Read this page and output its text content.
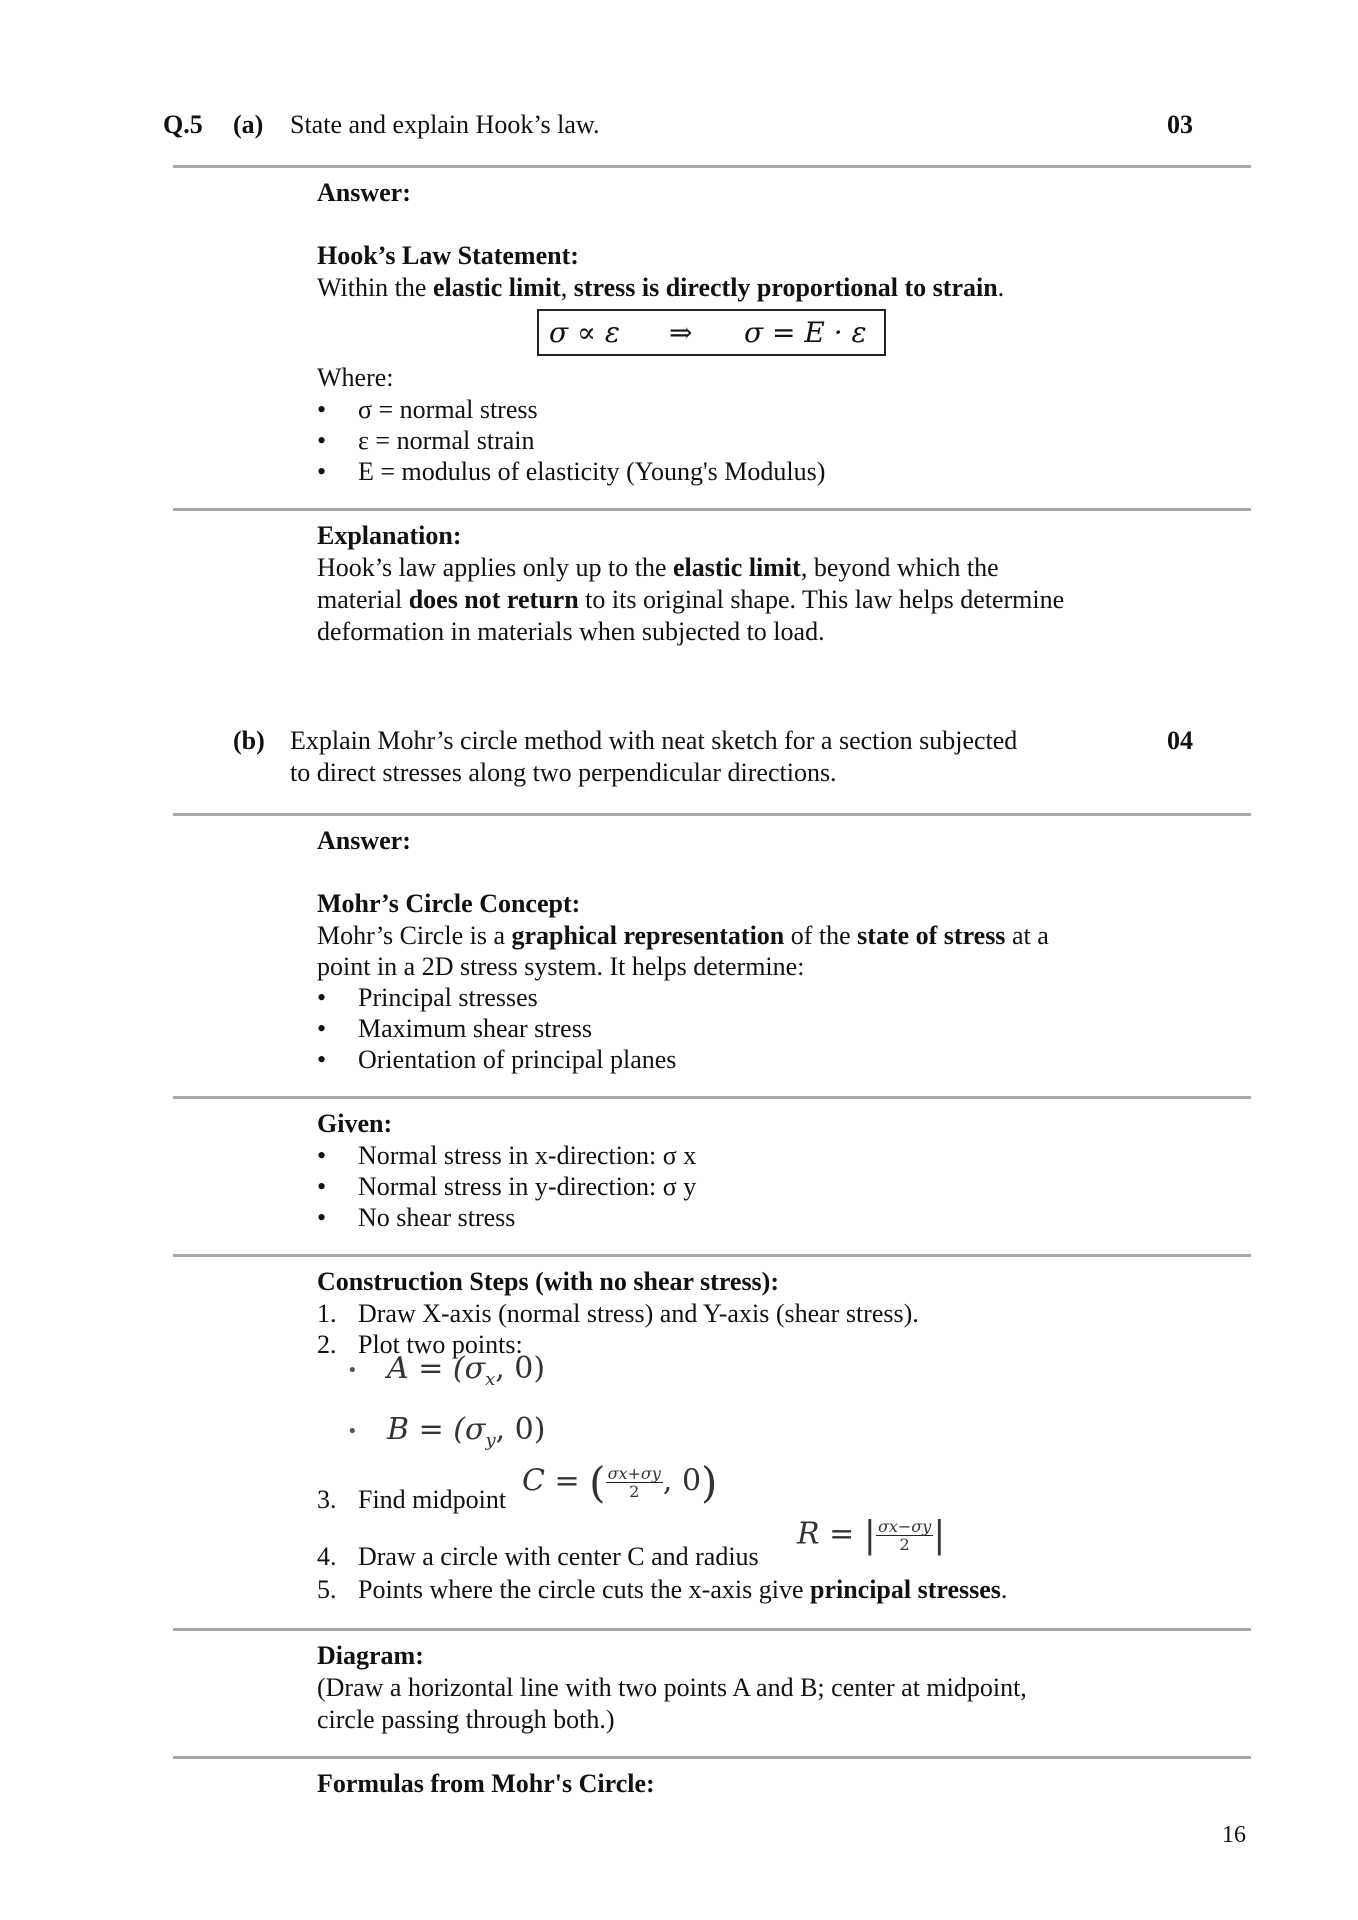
Q.5 (a) State and explain Hook’s law.	03
Answer:
Hook’s Law Statement:
Within the elastic limit, stress is directly proportional to strain.
σ ∝ ε ⇒ σ = E · ε
Where:
• σ = normal stress
• ε = normal strain
• E = modulus of elasticity (Young's Modulus)
Explanation:
Hook’s law applies only up to the elastic limit, beyond which the
material does not return to its original shape. This law helps determine
deformation in materials when subjected to load.
(b) Explain Mohr’s circle method with neat sketch for a section subjected
to direct stresses along two perpendicular directions.
04
Answer:
Mohr’s Circle Concept:
Mohr’s Circle is a graphical representation of the state of stress at a
point in a 2D stress system. It helps determine:
• Principal stresses
• Maximum shear stress
• Orientation of principal planes
Given:
• Normal stress in x-direction: σ x
• Normal stress in y-direction: σ y
• No shear stress
Construction Steps (with no shear stress):
1. Draw X-axis (normal stress) and Y-axis (shear stress).
2. Plot two points:
• $A = (\sigma_x$, 0)
• $B = (\sigma_y$, 0)
3. Find midpoint
C = ( $\frac{\sigma x+\sigma y}{2}$ , 0)
4. Draw a circle with center C and radius
R = | $\frac{\sigma x-\sigma y}{2}$ |
5. Points where the circle cuts the x-axis give principal stresses.
Diagram:
(Draw a horizontal line with two points A and B; center at midpoint,
circle passing through both.)
Formulas from Mohr's Circle:
16
